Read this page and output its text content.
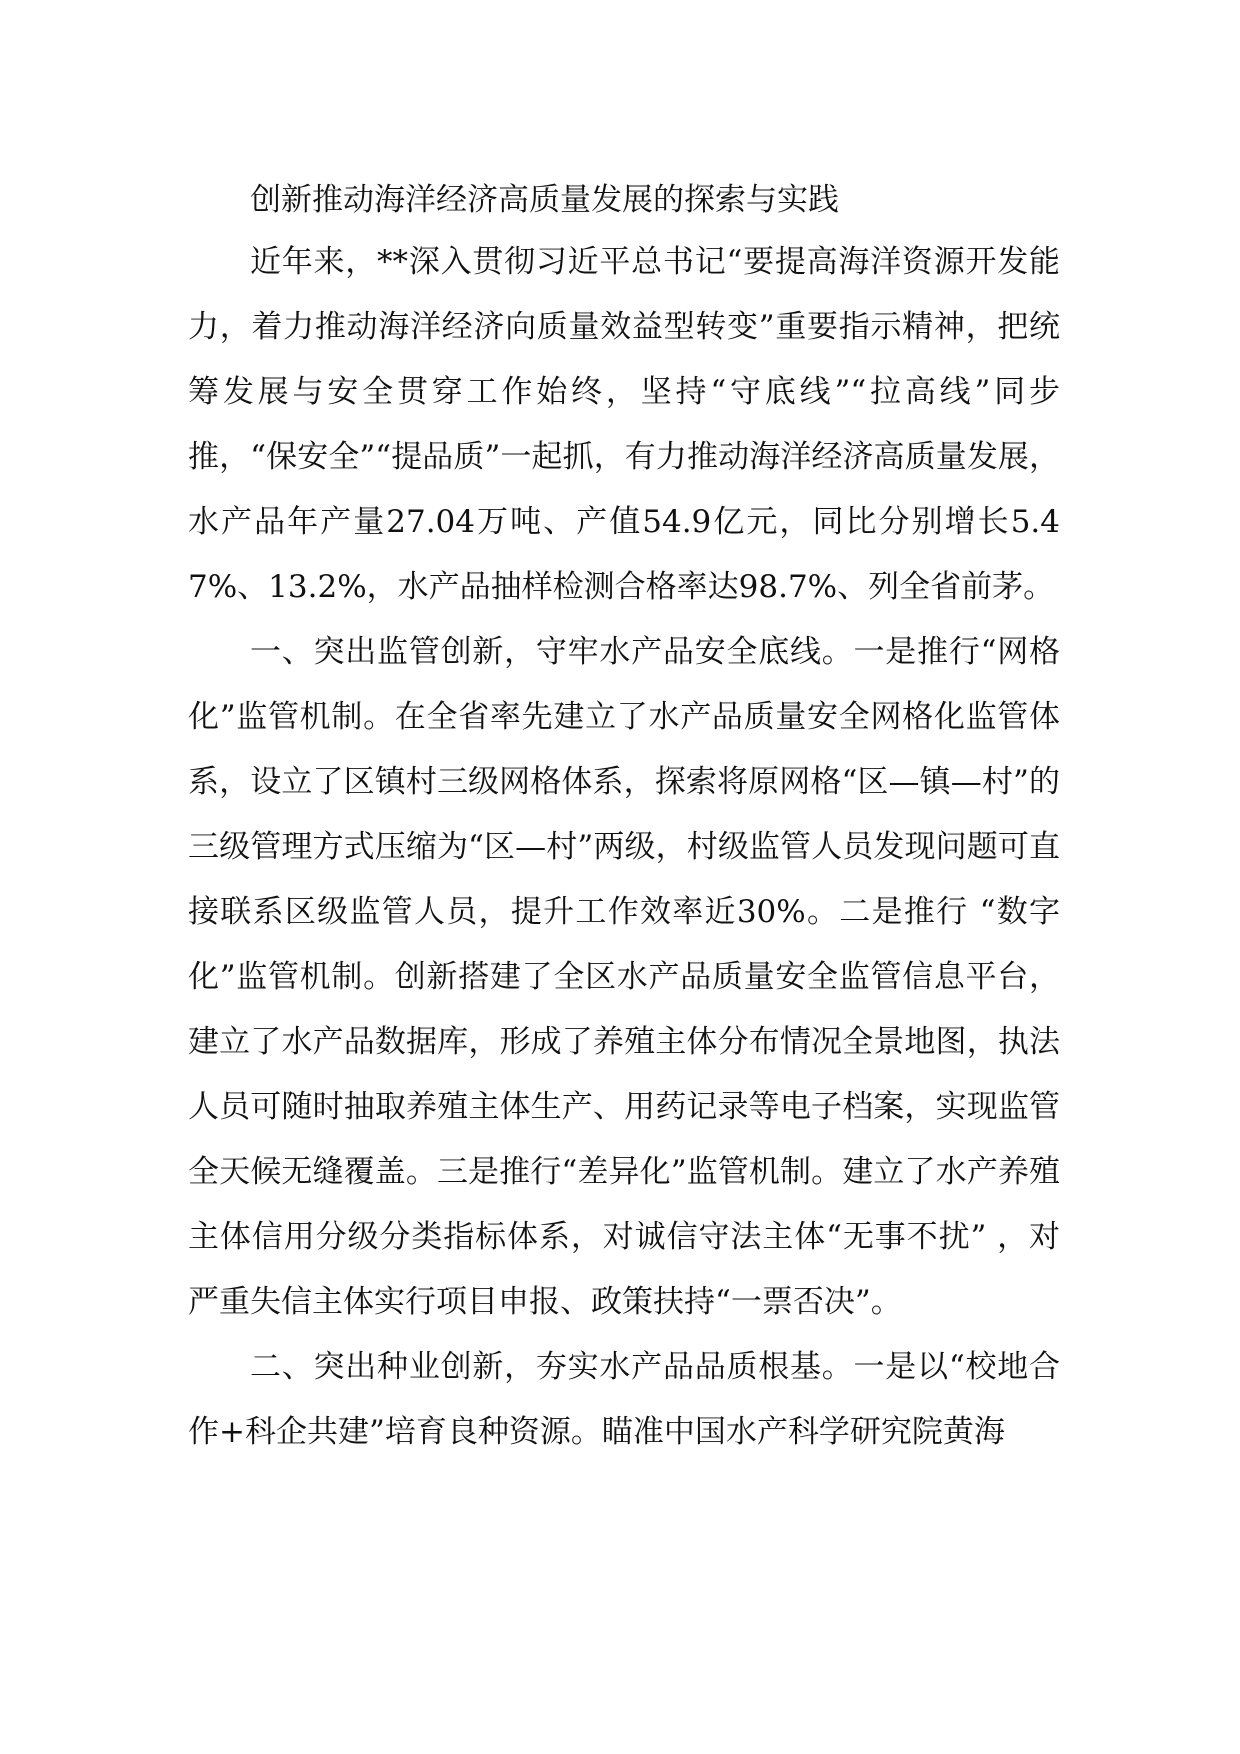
创新推动海洋经济高质量发展的探索与实践

近年来，**深入贯彻习近平总书记“要提高海洋资源开发能力，着力推动海洋经济向质量效益型转变”重要指示精神，把统筹发展与安全贯穿工作始终，坚持“守底线”“拉高线”同步推，“保安全”“提品质”一起抓，有力推动海洋经济高质量发展，水产品年产量27.04万吨、产值54.9亿元，同比分别增长5.47%、13.2%，水产品抽样检测合格率达98.7%、列全省前茅。

一、突出监管创新，守牢水产品安全底线。一是推行“网格化”监管机制。在全省率先建立了水产品质量安全网格化监管体系，设立了区镇村三级网格体系，探索将原网格“区—镇—村”的三级管理方式压缩为“区—村”两级，村级监管人员发现问题可直接联系区级监管人员，提升工作效率近30%。二是推行 “数字化”监管机制。创新搭建了全区水产品质量安全监管信息平台，建立了水产品数据库，形成了养殖主体分布情况全景地图，执法人员可随时抽取养殖主体生产、用药记录等电子档案，实现监管全天候无缝覆盖。三是推行“差异化”监管机制。建立了水产养殖主体信用分级分类指标体系，对诚信守法主体“无事不扰” ，对严重失信主体实行项目申报、政策扶持“一票否决”。

二、突出种业创新，夯实水产品品质根基。一是以“校地合作+科企共建”培育良种资源。瞄准中国水产科学研究院黄海
